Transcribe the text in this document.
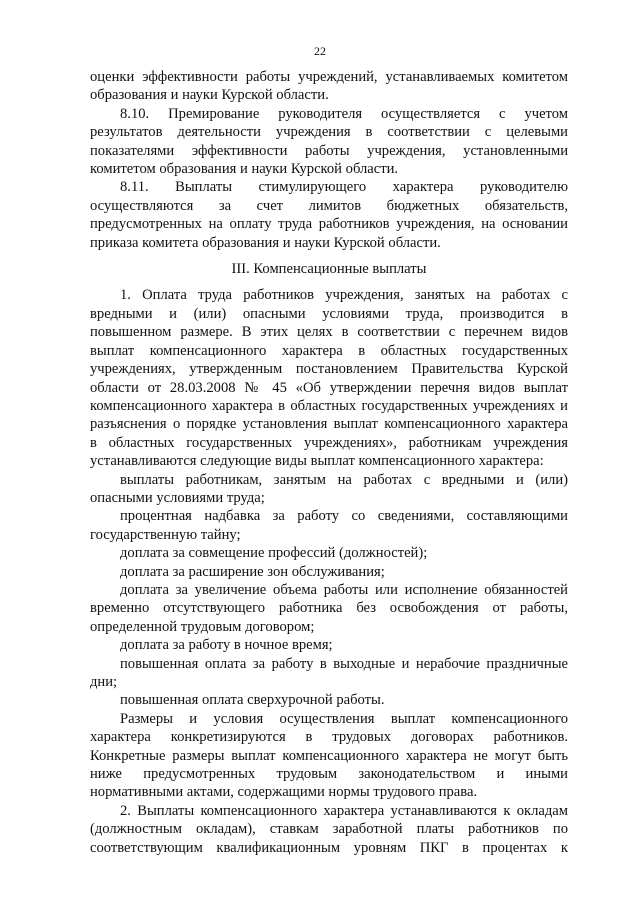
22
оценки эффективности работы учреждений, устанавливаемых комитетом
образования и науки Курской области.
8.10. Премирование руководителя осуществляется с учетом
результатов деятельности учреждения в соответствии с целевыми
показателями эффективности работы учреждения, установленными
комитетом образования и науки Курской области.
8.11. Выплаты стимулирующего характера руководителю
осуществляются за счет лимитов бюджетных обязательств,
предусмотренных на оплату труда работников учреждения, на основании
приказа комитета образования и науки Курской области.
III. Компенсационные выплаты
1. Оплата труда работников учреждения, занятых на работах с
вредными и (или) опасными условиями труда, производится в
повышенном размере. В этих целях в соответствии с перечнем видов
выплат компенсационного характера в областных государственных
учреждениях, утвержденным постановлением Правительства Курской
области от 28.03.2008 № 45 «Об утверждении перечня видов выплат
компенсационного характера в областных государственных учреждениях и
разъяснения о порядке установления выплат компенсационного характера
в областных государственных учреждениях», работникам учреждения
устанавливаются следующие виды выплат компенсационного характера:
выплаты работникам, занятым на работах с вредными и (или)
опасными условиями труда;
процентная надбавка за работу со сведениями, составляющими
государственную тайну;
доплата за совмещение профессий (должностей);
доплата за расширение зон обслуживания;
доплата за увеличение объема работы или исполнение обязанностей
временно отсутствующего работника без освобождения от работы,
определенной трудовым договором;
доплата за работу в ночное время;
повышенная оплата за работу в выходные и нерабочие праздничные
дни;
повышенная оплата сверхурочной работы.
Размеры и условия осуществления выплат компенсационного
характера конкретизируются в трудовых договорах работников.
Конкретные размеры выплат компенсационного характера не могут быть
ниже предусмотренных трудовым законодательством и иными
нормативными актами, содержащими нормы трудового права.
2. Выплаты компенсационного характера устанавливаются к окладам
(должностным окладам), ставкам заработной платы работников по
соответствующим квалификационным уровням ПКГ в процентах к
